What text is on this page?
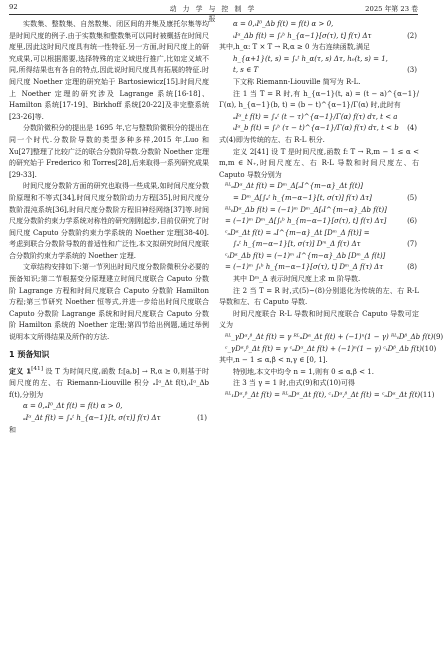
92	动 力 学 与 控 制 学 报
2025 年第 23 卷

实数集、整数集、自然数集、闭区间的并集及康托尔集等均是时间尺度的例子.由于实数集和整数集可以同时被概括在时间尺度里,因此这时间尺度具有统一性特征.另一方面,时间尺度上的研究成果,可以根据需要,选择特殊的定义域进行推广,比如定义域不同,所得结果也有各自的特点,因此说时间尺度具有拓展的特征.时间尺度 Noether 定理的研究始于 Bartosiewicz[15].时间尺度上 Noether 定理的研究涉及 Lagrange 系统[16-18]、Hamilton 系统[17-19]、Birkhoff 系统[20-22]及非完整系统[23-26]等.

分数阶微积分的提出是 1695 年,它与整数阶微积分的提出在同一个时代.分数阶导数的类型多种多样,2015 年,Luo 和 Xu[27]整理了比较广泛的联合分数阶导数.分数阶 Noether 定理的研究始于 Frederico 和 Torres[28],后来取得一系列研究成果[29-33].

时间尺度分数阶方面的研究也取得一些成果,如时间尺度分数阶原理和不等式[34],时间尺度分数阶动力方程[35],时间尺度分数阶混沌系统[36],时间尺度分数阶方程旧神经网络[37]等.时间尺度分数阶约束力学系统对称性的研究刚刚起步,目前仅研究了时间尺度 Caputo 分数阶约束力学系统的 Noether 定理[38-40].考虑到联合分数阶导数的普适性和广泛性,本文拟研究时间尺度联合分数阶约束力学系统的 Noether 定理.

文章结构安排如下:第一节列出时间尺度分数阶微积分必要的预备知识;第二节根据变分原理建立时间尺度联合 Caputo 分数阶 Lagrange 方程和时间尺度联合 Caputo 分数阶 Hamilton 方程;第三节研究 Noether 恒等式,并进一步给出时间尺度联合 Caputo 分数阶 Lagrange 系统和时间尺度联合 Caputo 分数阶 Hamilton 系统的 Noether 定理;第四节给出例题,通过举例说明本文所得结果及所作的方法.

1 预备知识

定义 1[41] 设 T 为时间尺度,函数 f:[a,b] → R,α ≥ 0,则基于时间尺度的左、右 Riemann-Liouville 积分 ₐIᵅ_Δt f(t),ₜIᵅ_Δb f(t),分别为

α = 0,ₐI⁰_Δt f(t) = f(t) α > 0,
ₐIᵅ_Δt f(t) = ∫ₐᵗ h_{α−1}[t, σ(τ)] f(τ) Δτ	(1)

和

α = 0,ₜI⁰_Δb f(t) = f(t) α > 0,
ₜIᵅ_Δb f(t) = ∫ₜᵇ h_{α−1}[σ(τ), t] f(τ) Δτ	(2)

其中,h_α: T × T → R,α ≥ 0 为右连续函数,满足

h_{α+1}(t, s) = ∫ₛᵗ h_α(τ, s) Δτ, h₀(t, s) = 1,
t, s ∈ T	(3)

下文称 Riemann-Liouville 简写为 R-L.

注 1 当 T = R 时,有 h_{α−1}(t, a) = (t − a)^{α−1}/Γ(α), h_{α−1}(b, t) = (b − t)^{α−1}/Γ(α) 时,此时有

ₐIᵅ_t f(t) = ∫ₐᵗ (t − τ)^{α−1}/Γ(α) f(τ) dτ, t < a
ₜIᵅ_b f(t) = ∫ₜᵇ (τ − t)^{α−1}/Γ(α) f(τ) dτ, t < b (4)

式(4)即为传统的左、右 R-L 积分.

定义 2[41] 设 T 是时间尺度,函数 f: T → R,m − 1 ≤ α < m,m ∈ N₊,时间尺度左、右 R-L 导数和时间尺度左、右 Caputo 导数分别为

ᴿᴸₐDᵅ_Δt f(t) = Dᵐ_Δ[ₐI^{m−α}_Δt f(t)]
= Dᵐ_Δ[∫ₐᵗ h_{m−α−1}[t, σ(τ)] f(τ) Δτ]	(5)
ᴿᴸₜDᵅ_Δb f(t) = (−1)ᵐ Dᵐ_Δ[ₜI^{m−α}_Δb f(t)]
= (−1)ᵐ Dᵐ_Δ[∫ₜᵇ h_{m−α−1}[σ(τ), t] f(τ) Δτ]	(6)
ᶜₐDᵅ_Δt f(t) = ₐI^{m−α}_Δt [Dᵐ_Δ f(t)] =
∫ₐᵗ h_{m−α−1}[t, σ(τ)] Dᵐ_Δ f(τ) Δτ	(7)
ᶜₜDᵅ_Δb f(t) = (−1)ᵐ ₜI^{m−α}_Δb [Dᵐ_Δ f(t)]
= (−1)ᵐ ∫ₜᵇ h_{m−α−1}[σ(τ), t] Dᵐ_Δ f(τ) Δτ	(8)

其中 Dᵐ_Δ 表示时间尺度上求 m 阶导数.

注 2 当 T = R 时,式(5)~(8)分别退化为传统的左、右 R-L 导数和左、右 Caputo 导数.

时间尺度联合 R-L 导数和时间尺度联合 Caputo 导数可定义为

ᴿᴸ_γDᵅ,ᵝ_Δt f(t) = γ ᴿᴸₐDᵅ_Δt f(t) + (−1)ⁿ(1 − γ) ᴿᴸₜDᵝ_Δb f(t) (9)
ᶜ_γDᵅ,ᵝ_Δt f(t) = γ ᶜₐDᵅ_Δt f(t) + (−1)ⁿ(1 − γ) ᶜₜDᵝ_Δb f(t) (10)

其中,n − 1 ≤ α,β < n,γ ∈ [0, 1].

特别地,本文中均令 n = 1,则有 0 ≤ α,β < 1.

注 3 当 γ = 1 时,由式(9)和式(10)可得

ᴿᴸ₁Dᵅ,ᵝ_Δt f(t) = ᴿᴸₐDᵅ_Δt f(t), ᶜ₁Dᵅ,ᵝ_Δt f(t) = ᶜₐDᵅ_Δt f(t) (11)
